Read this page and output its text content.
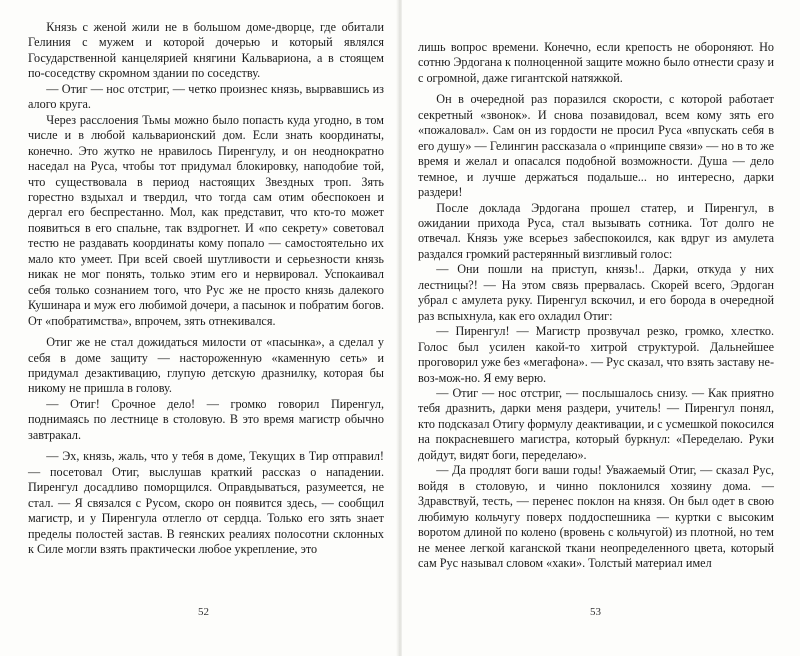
Князь с женой жили не в большом доме-дворце, где обитали Гелиния с мужем и которой дочерью и который являлся Государственной канцелярией княгини Кальвариона, а в стоящем по-соседству скромном здании по соседству.

— Отиг — нос отстриг, — четко произнес князь, вырвавшись из алого круга.

Через расслоения Тьмы можно было попасть куда угодно, в том числе и в любой кальварионский дом. Если знать координаты, конечно. Это жутко не нравилось Пиренгулу, и он неоднократно наседал на Руса, чтобы тот придумал блокировку, наподобие той, что существовала в период настоящих Звездных троп. Зять горестно вздыхал и твердил, что тогда сам отим обеспокоен и дергал его беспрестанно. Мол, как представит, что кто-то может появиться в его спальне, так вздрогнет. И «по секрету» советовал тестю не раздавать координаты кому попало — самостоятельно их мало кто умеет. При всей своей шутливости и серьезности князь никак не мог понять, только этим его и нервировал. Успокаивал себя только сознанием того, что Рус же не просто князь далекого Кушинара и муж его любимой дочери, а пасынок и побратим богов. От «побратимства», впрочем, зять отнекивался.

Отиг же не стал дожидаться милости от «пасынка», а сделал у себя в доме защиту — настороженную «каменную сеть» и придумал дезактивацию, глупую детскую дразнилку, которая бы никому не пришла в голову.

— Отиг! Срочное дело! — громко говорил Пиренгул, поднимаясь по лестнице в столовую. В это время магистр обычно завтракал.

— Эх, князь, жаль, что у тебя в доме, Текущих в Тир отправил! — посетовал Отиг, выслушав краткий рассказ о нападении. Пиренгул досадливо поморщился. Оправдываться, разумеется, не стал. — Я связался с Русом, скоро он появится здесь, — сообщил магистр, и у Пиренгула отлегло от сердца. Только его зять знает пределы полостей застав. В геянских реалиях полосотни склонных к Силе могли взять практически любое укрепление, это

52

лишь вопрос времени. Конечно, если крепость не обороняют. Но сотню Эрдогана к полноценной защите можно было отнести сразу и с огромной, даже гигантской натяжкой.

Он в очередной раз поразился скорости, с которой работает секретный «звонок». И снова позавидовал, всем кому зять его «пожаловал». Сам он из гордости не просил Руса «впускать себя в его душу» — Гелингин рассказала о «принципе связи» — но в то же время и желал и опасался подобной возможности. Душа — дело темное, и лучше держаться подальше... но интересно, дарки раздери!

После доклада Эрдогана прошел статер, и Пиренгул, в ожидании прихода Руса, стал вызывать сотника. Тот долго не отвечал. Князь уже всерьез забеспокоился, как вдруг из амулета раздался громкий растерянный визгливый голос:

— Они пошли на приступ, князь!.. Дарки, откуда у них лестницы?! — На этом связь прервалась. Скорей всего, Эрдоган убрал с амулета руку. Пиренгул вскочил, и его борода в очередной раз вспыхнула, как его охладил Отиг:

— Пиренгул! — Магистр прозвучал резко, громко, хлестко. Голос был усилен какой-то хитрой структурой. Дальнейшее проговорил уже без «мегафона». — Рус сказал, что взять заставу не-воз-мож-но. Я ему верю.

— Отиг — нос отстриг, — послышалось снизу. — Как приятно тебя дразнить, дарки меня раздери, учитель! — Пиренгул понял, кто подсказал Отигу формулу деактивации, и с усмешкой покосился на покрасневшего магистра, который буркнул: «Переделаю. Руки дойдут, видят боги, переделаю».

— Да продлят боги ваши годы! Уважаемый Отиг, — сказал Рус, войдя в столовую, и чинно поклонился хозяину дома. — Здравствуй, тесть, — перенес поклон на князя. Он был одет в свою любимую кольчугу поверх поддоспешника — куртки с высоким воротом длиной по колено (вровень с кольчугой) из плотной, но тем не менее легкой каганской ткани неопределенного цвета, который сам Рус называл словом «хаки». Толстый материал имел

53
